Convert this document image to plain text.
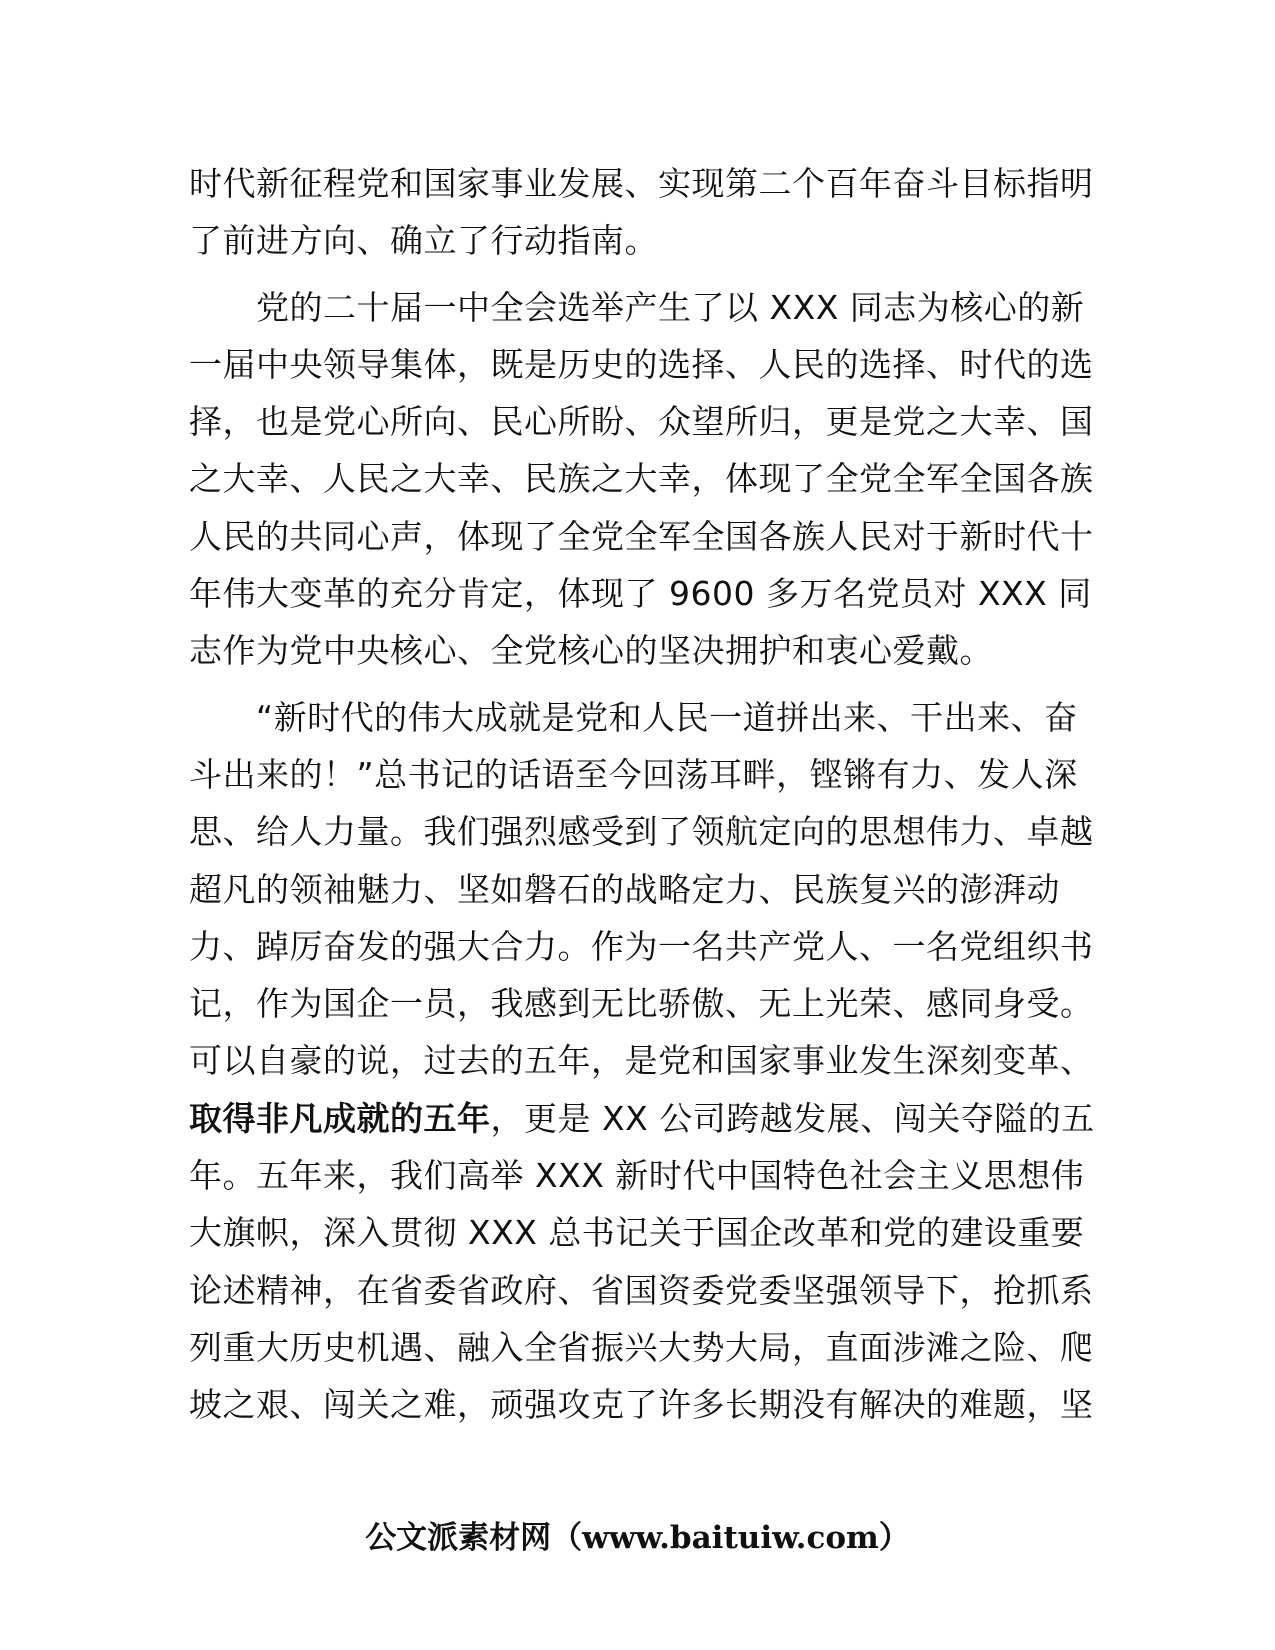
时代新征程党和国家事业发展、实现第二个百年奋斗目标指明
了前进方向、确立了行动指南。
　　党的二十届一中全会选举产生了以 XXX 同志为核心的新
一届中央领导集体，既是历史的选择、人民的选择、时代的选
择，也是党心所向、民心所盼、众望所归，更是党之大幸、国
之大幸、人民之大幸、民族之大幸，体现了全党全军全国各族
人民的共同心声，体现了全党全军全国各族人民对于新时代十
年伟大变革的充分肯定，体现了 9600 多万名党员对 XXX 同
志作为党中央核心、全党核心的坚决拥护和衷心爱戴。
　　“新时代的伟大成就是党和人民一道拼出来、干出来、奋
斗出来的！”总书记的话语至今回荡耳畔，铿锵有力、发人深
思、给人力量。我们强烈感受到了领航定向的思想伟力、卓越
超凡的领袖魅力、坚如磐石的战略定力、民族复兴的澎湃动
力、踔厉奋发的强大合力。作为一名共产党人、一名党组织书
记，作为国企一员，我感到无比骄傲、无上光荣、感同身受。
可以自豪的说，过去的五年，是党和国家事业发生深刻变革、
取得非凡成就的五年，更是 XX 公司跨越发展、闯关夺隘的五
年。五年来，我们高举 XXX 新时代中国特色社会主义思想伟
大旗帜，深入贯彻 XXX 总书记关于国企改革和党的建设重要
论述精神，在省委省政府、省国资委党委坚强领导下，抢抓系
列重大历史机遇、融入全省振兴大势大局，直面涉滩之险、爬
坡之艰、闯关之难，顽强攻克了许多长期没有解决的难题，坚
公文派素材网（www.baituiw.com）
